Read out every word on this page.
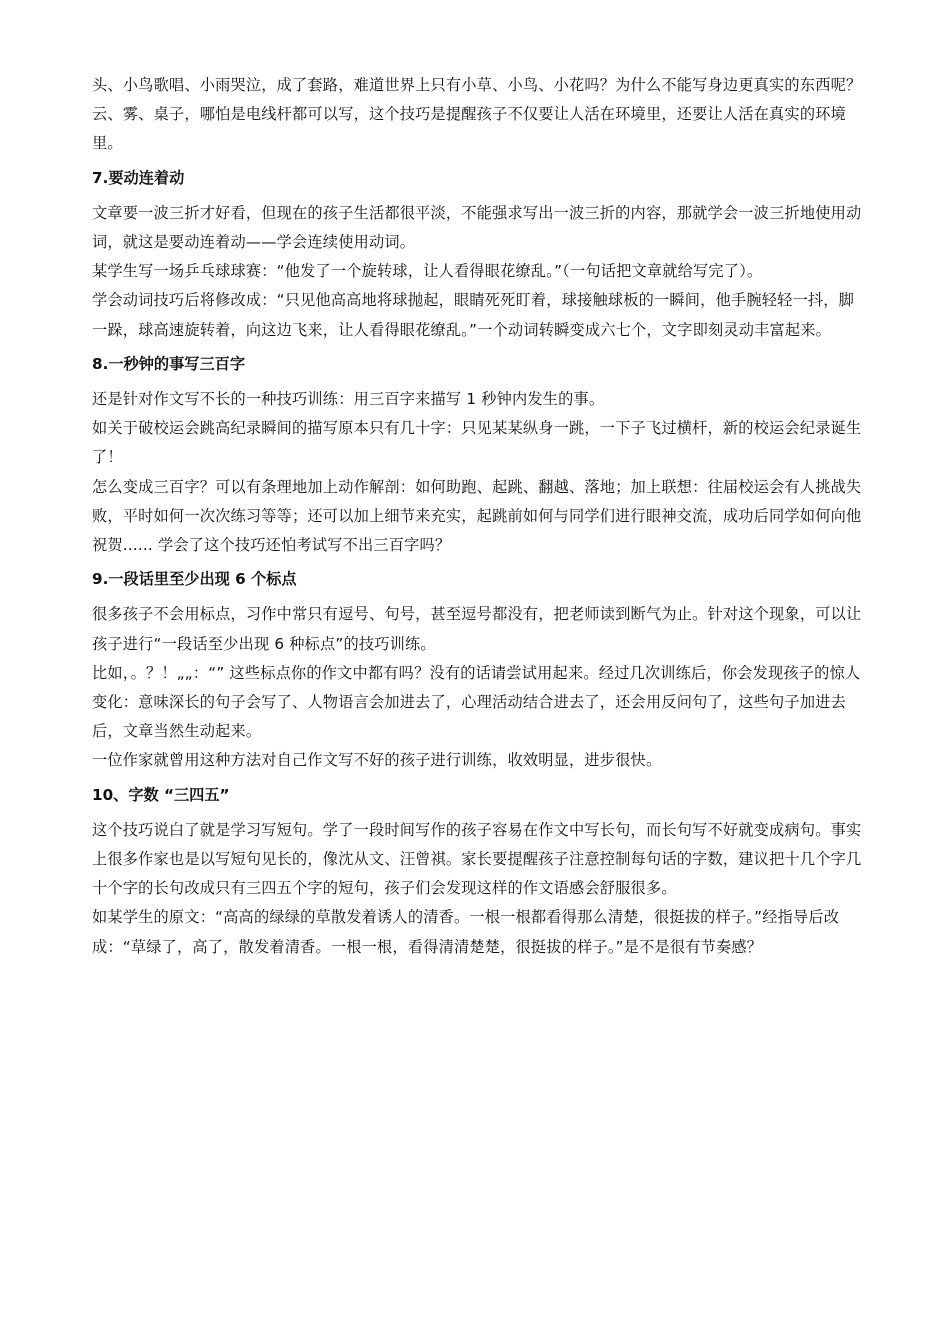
头、小鸟歌唱、小雨哭泣，成了套路，难道世界上只有小草、小鸟、小花吗？为什么不能写身边更真实的东西呢？云、雾、桌子，哪怕是电线杆都可以写，这个技巧是提醒孩子不仅要让人活在环境里，还要让人活在真实的环境里。

7.要动连着动

文章要一波三折才好看，但现在的孩子生活都很平淡，不能强求写出一波三折的内容，那就学会一波三折地使用动词，就这是要动连着动——学会连续使用动词。

某学生写一场乒乓球球赛：“他发了一个旋转球，让人看得眼花缭乱。”（一句话把文章就给写完了）。

学会动词技巧后将修改成：“只见他高高地将球抛起，眼睛死死盯着，球接触球板的一瞬间，他手腕轻轻一抖，脚一跺，球高速旋转着，向这边飞来，让人看得眼花缭乱。”一个动词转瞬变成六七个，文字即刻灵动丰富起来。

8.一秒钟的事写三百字

还是针对作文写不长的一种技巧训练：用三百字来描写 1 秒钟内发生的事。

如关于破校运会跳高纪录瞬间的描写原本只有几十字：只见某某纵身一跳，一下子飞过横杆，新的校运会纪录诞生了！

怎么变成三百字？可以有条理地加上动作解剖：如何助跑、起跳、翻越、落地；加上联想：往届校运会有人挑战失败，平时如何一次次练习等等；还可以加上细节来充实，起跳前如何与同学们进行眼神交流，成功后同学如何向他祝贺...... 学会了这个技巧还怕考试写不出三百字吗？

9.一段话里至少出现 6 个标点

很多孩子不会用标点，习作中常只有逗号、句号，甚至逗号都没有，把老师读到断气为止。针对这个现象，可以让孩子进行“一段话至少出现 6 种标点”的技巧训练。

比如，。？！„„：“” 这些标点你的作文中都有吗？没有的话请尝试用起来。经过几次训练后，你会发现孩子的惊人变化：意味深长的句子会写了、人物语言会加进去了，心理活动结合进去了，还会用反问句了，这些句子加进去后，文章当然生动起来。

一位作家就曾用这种方法对自己作文写不好的孩子进行训练，收效明显，进步很快。

10、字数 “三四五”

这个技巧说白了就是学习写短句。学了一段时间写作的孩子容易在作文中写长句，而长句写不好就变成病句。事实上很多作家也是以写短句见长的，像沈从文、汪曾祺。家长要提醒孩子注意控制每句话的字数，建议把十几个字几十个字的长句改成只有三四五个字的短句，孩子们会发现这样的作文语感会舒服很多。

如某学生的原文：“高高的绿绿的草散发着诱人的清香。一根一根都看得那么清楚，很挺拔的样子。”经指导后改成：“草绿了，高了，散发着清香。一根一根，看得清清楚楚，很挺拔的样子。”是不是很有节奏感？
